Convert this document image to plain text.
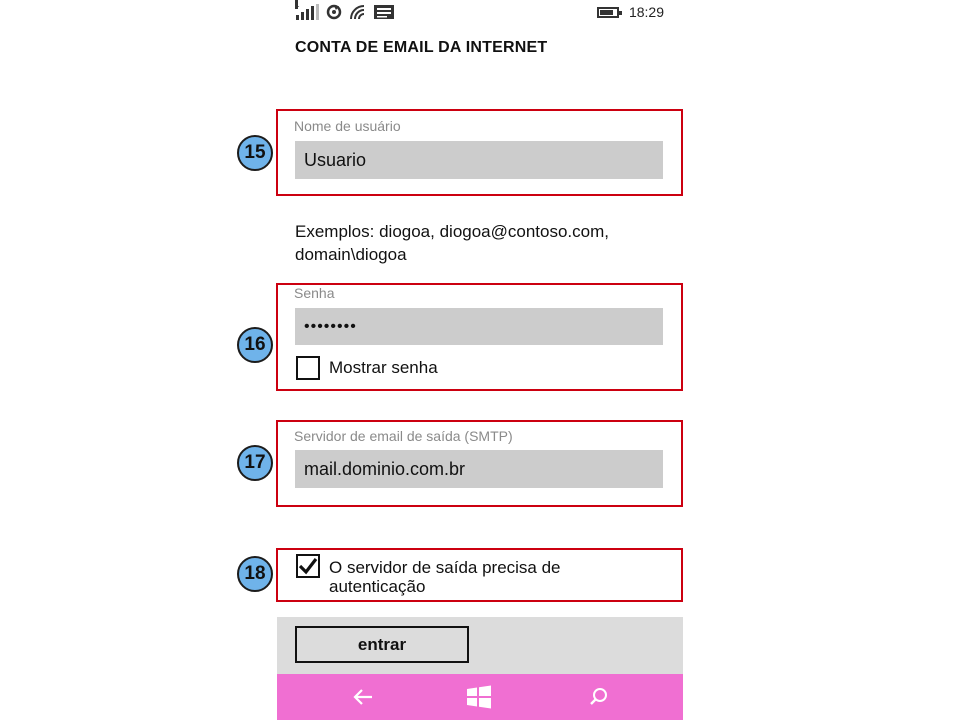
1	18:29
CONTA DE EMAIL DA INTERNET
15
Nome de usuário
Usuario
Exemplos: diogoa, diogoa@contoso.com, domain\diogoa
16
Senha
••••••••
Mostrar senha
17
Servidor de email de saída (SMTP)
mail.dominio.com.br
18	O servidor de saída precisa de autenticação
entrar
